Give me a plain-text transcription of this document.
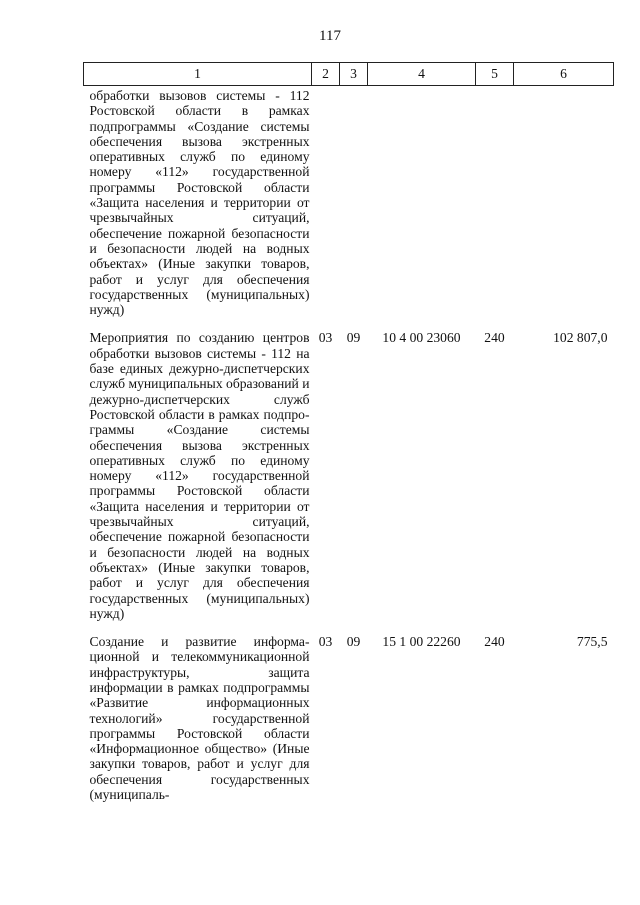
117
1	2	3	4	5	6
обработки вызовов системы - 112 Ростовской области в рамках подпрограммы «Создание системы обеспечения вызова экстренных оперативных служб по единому номеру «112» государственной программы Ростовской области «Защита населения и территории от чрезвычайных ситуаций, обеспечение пожарной безопасности и безопасности людей на водных объектах» (Иные закупки товаров, работ и услуг для обеспечения государственных (муниципальных) нужд)					
Мероприятия по созданию центров обработки вызовов системы - 112 на базе единых дежурно-диспетчерских служб муниципальных образований и дежурно-диспетчерских служб Ростовской области в рамках подпрограммы «Создание системы обеспечения вызова экстренных оперативных служб по единому номеру «112» государственной программы Ростовской области «Защита населения и территории от чрезвычайных ситуаций, обеспечение пожарной безопасности и безопасности людей на водных объектах» (Иные закупки товаров, работ и услуг для обеспечения государственных (муниципальных) нужд)	03	09	10 4 00 23060	240	102 807,0
Создание и развитие информационной и телекоммуникационной инфраструктуры, защита информации в рамках подпрограммы «Развитие информационных технологий» государственной программы Ростовской области «Информационное общество» (Иные закупки товаров, работ и услуг для обеспечения государственных (муниципаль-	03	09	15 1 00 22260	240	775,5
